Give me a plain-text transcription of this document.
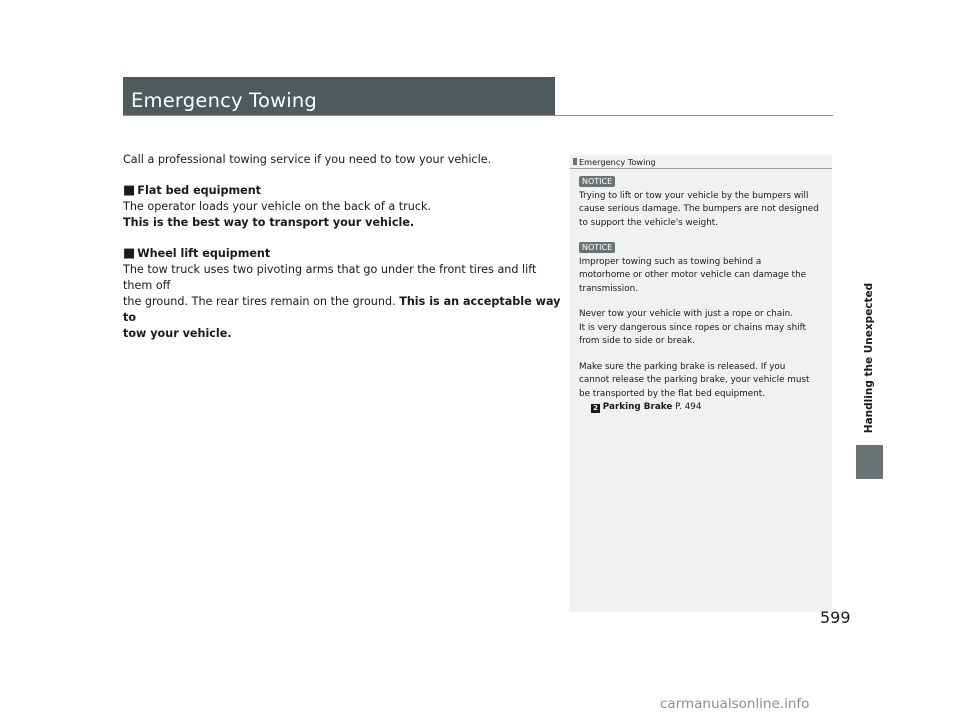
Emergency Towing

Call a professional towing service if you need to tow your vehicle.

■ Flat bed equipment

The operator loads your vehicle on the back of a truck.

This is the best way to transport your vehicle.

■ Wheel lift equipment

The tow truck uses two pivoting arms that go under the front tires and lift them off

the ground. The rear tires remain on the ground. This is an acceptable way to

tow your vehicle.

Emergency Towing
NOTICE

Trying to lift or tow your vehicle by the bumpers will

cause serious damage. The bumpers are not designed

to support the vehicle's weight.

NOTICE

Improper towing such as towing behind a

motorhome or other motor vehicle can damage the

transmission.

Never tow your vehicle with just a rope or chain.

It is very dangerous since ropes or chains may shift

from side to side or break.

Make sure the parking brake is released. If you

cannot release the parking brake, your vehicle must

be transported by the flat bed equipment.

2 Parking Brake P. 494	Handling the Unexpected
599
carmanualsonline.info
